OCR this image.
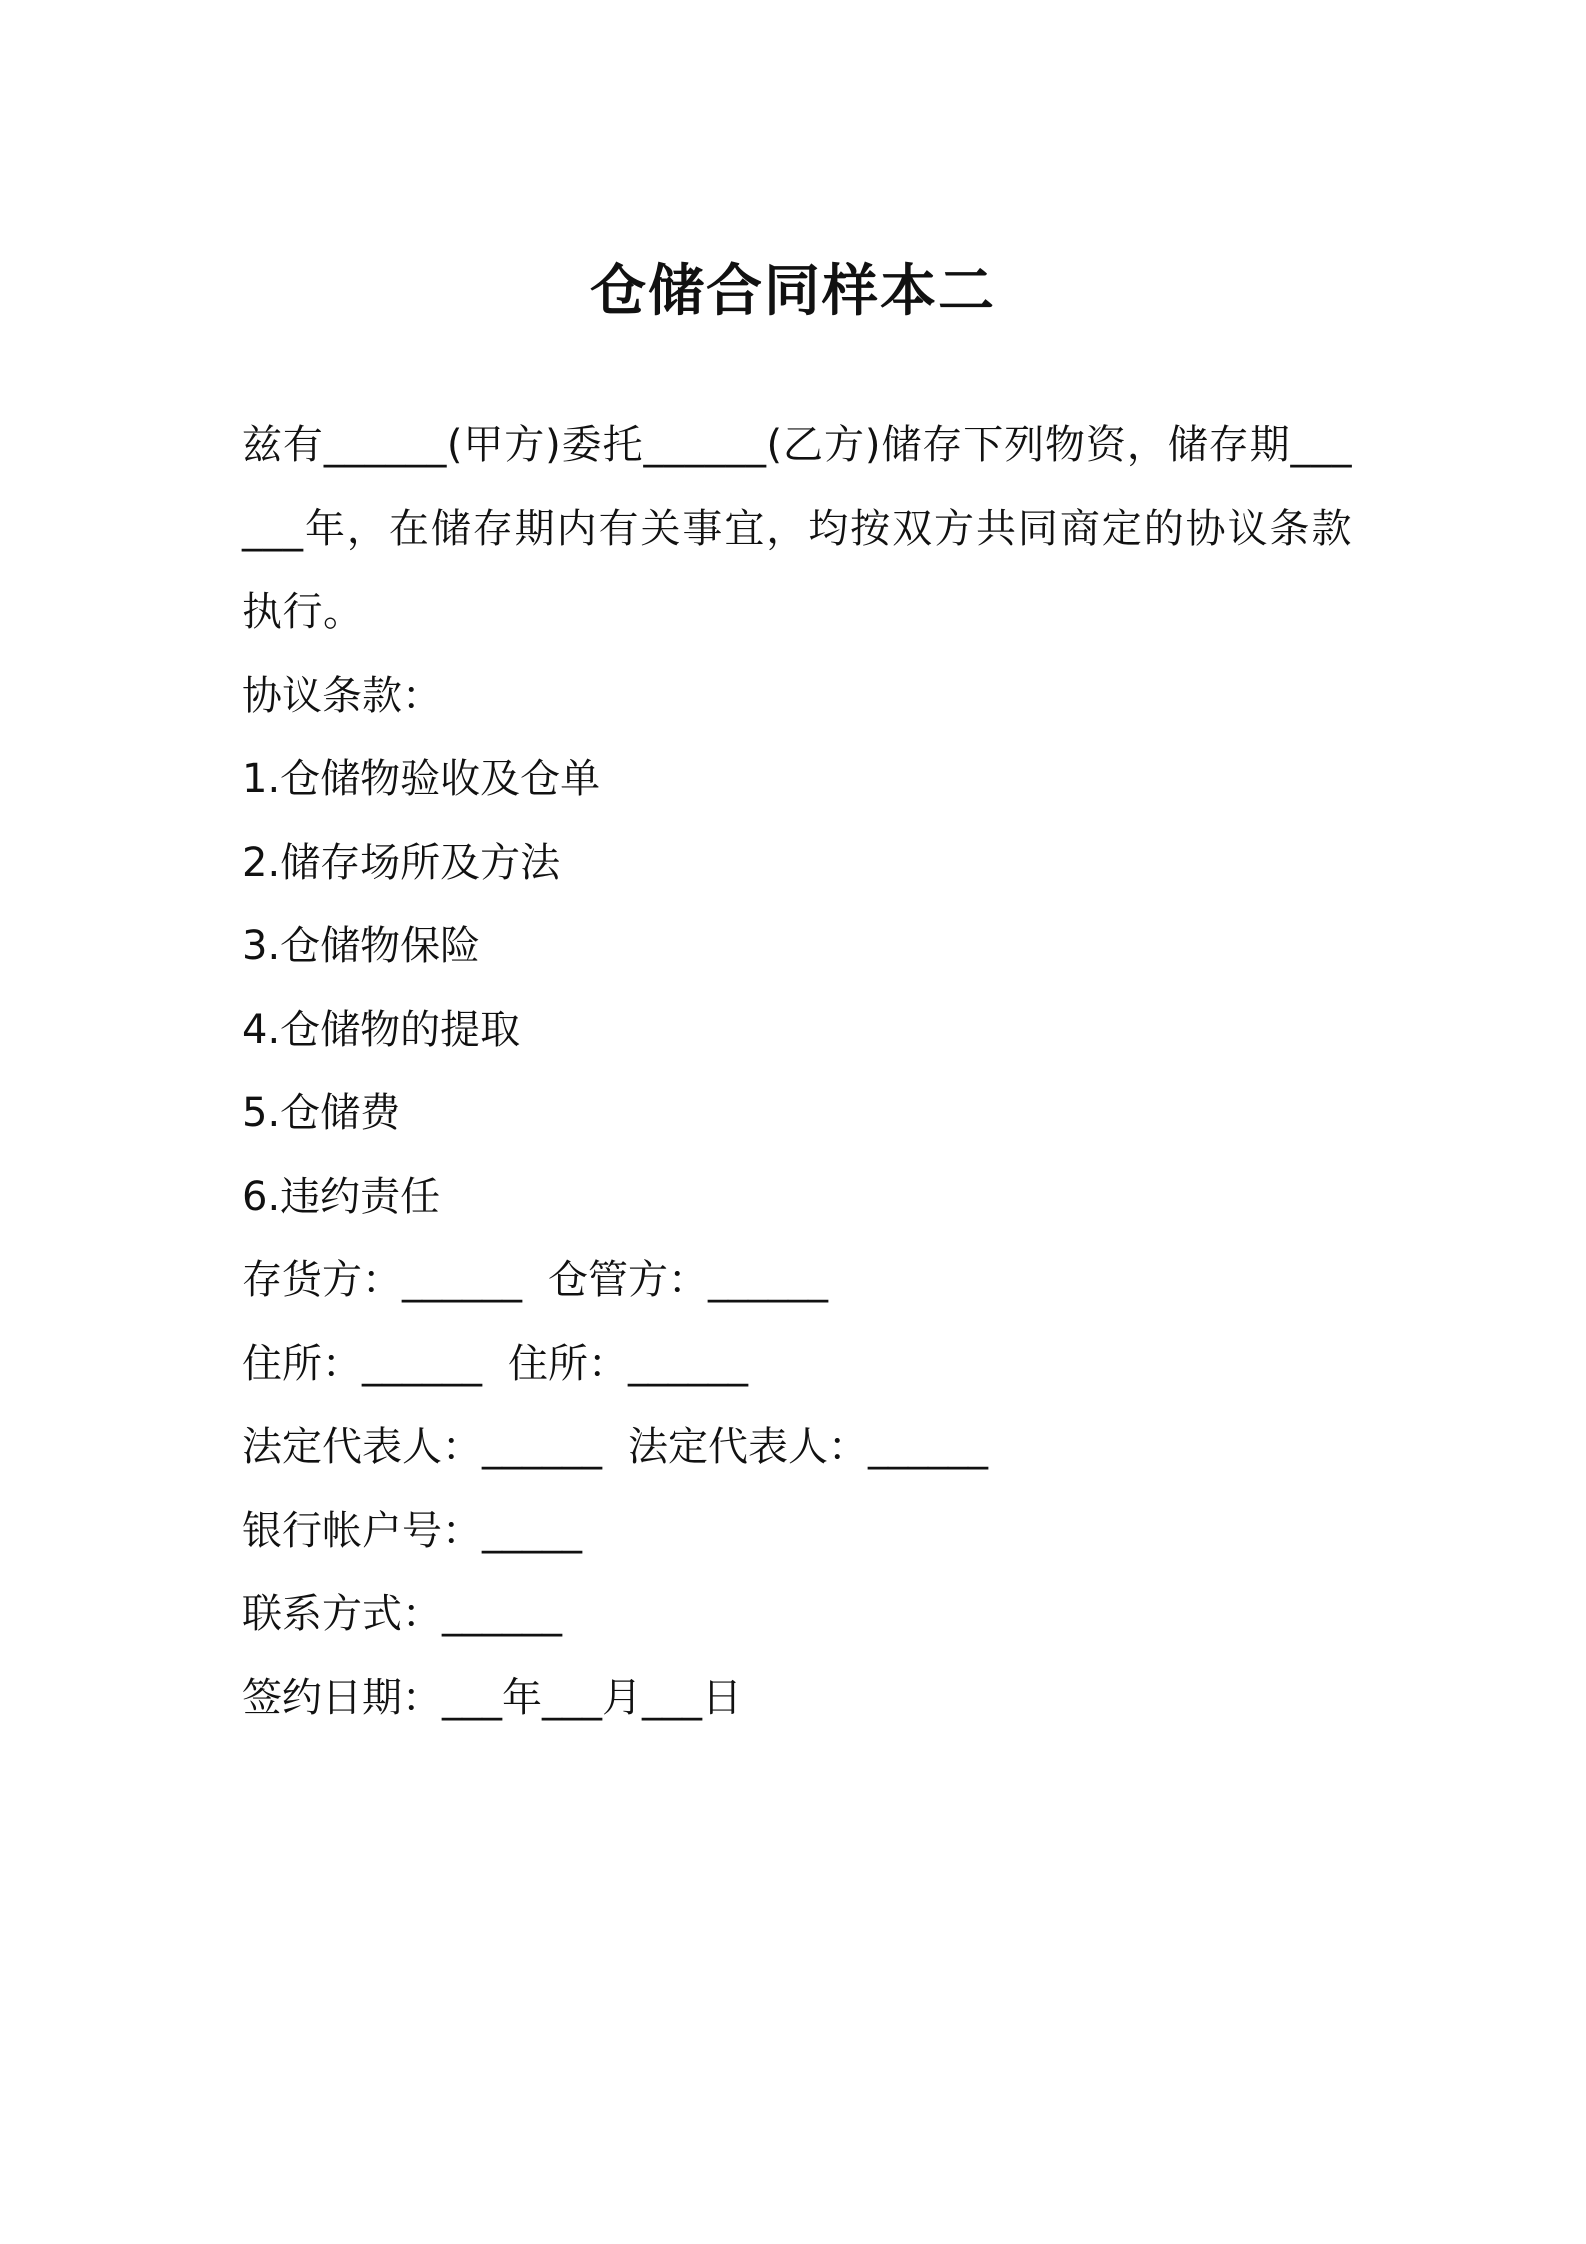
仓储合同样本二

兹有______(甲方)委托______(乙方)储存下列物资，储存期______年，在储存期内有关事宜，均按双方共同商定的协议条款执行。

协议条款：

1.仓储物验收及仓单
2.储存场所及方法
3.仓储物保险
4.仓储物的提取
5.仓储费
6.违约责任

存货方：______ 仓管方：______

住所：______ 住所：______

法定代表人：______ 法定代表人：______

银行帐户号：_____

联系方式：______

签约日期：___年___月___日
